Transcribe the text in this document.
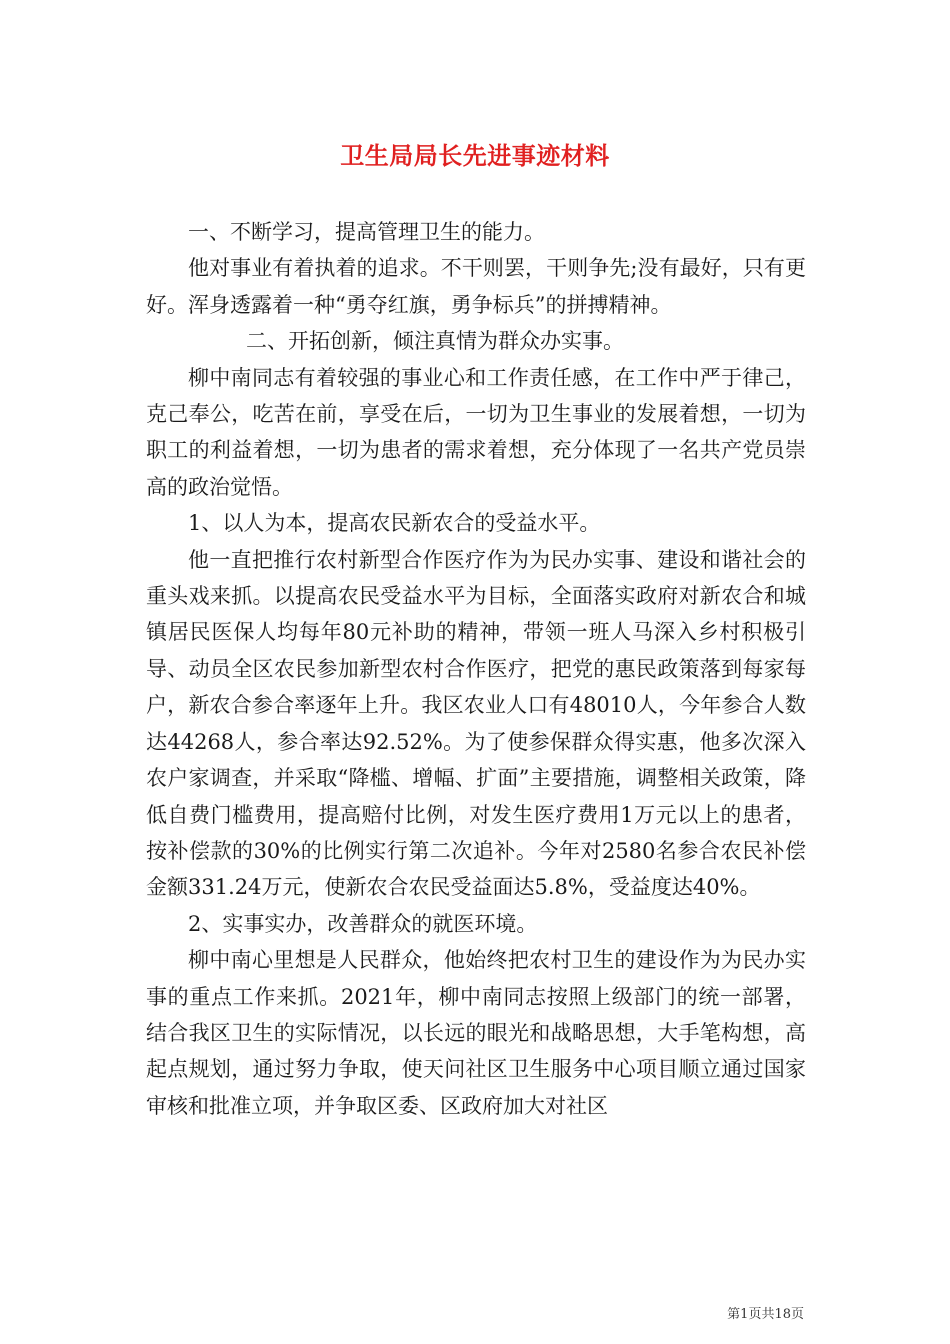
卫生局局长先进事迹材料

一、不断学习，提高管理卫生的能力。

他对事业有着执着的追求。不干则罢，干则争先;没有最好，只有更好。浑身透露着一种“勇夺红旗，勇争标兵”的拼搏精神。

二、开拓创新，倾注真情为群众办实事。

柳中南同志有着较强的事业心和工作责任感，在工作中严于律己，克己奉公，吃苦在前，享受在后，一切为卫生事业的发展着想，一切为职工的利益着想，一切为患者的需求着想，充分体现了一名共产党员崇高的政治觉悟。

1、以人为本，提高农民新农合的受益水平。

他一直把推行农村新型合作医疗作为为民办实事、建设和谐社会的重头戏来抓。以提高农民受益水平为目标，全面落实政府对新农合和城镇居民医保人均每年80元补助的精神，带领一班人马深入乡村积极引导、动员全区农民参加新型农村合作医疗，把党的惠民政策落到每家每户，新农合参合率逐年上升。我区农业人口有48010人，今年参合人数达44268人，参合率达92.52%。为了使参保群众得实惠，他多次深入农户家调查，并采取“降槛、增幅、扩面”主要措施，调整相关政策，降低自费门槛费用，提高赔付比例，对发生医疗费用1万元以上的患者，按补偿款的30%的比例实行第二次追补。今年对2580名参合农民补偿金额331.24万元，使新农合农民受益面达5.8%，受益度达40%。

2、实事实办，改善群众的就医环境。

柳中南心里想是人民群众，他始终把农村卫生的建设作为为民办实事的重点工作来抓。2021年，柳中南同志按照上级部门的统一部署，结合我区卫生的实际情况，以长远的眼光和战略思想，大手笔构想，高起点规划，通过努力争取，使天问社区卫生服务中心项目顺立通过国家审核和批准立项，并争取区委、区政府加大对社区

第1页共18页
